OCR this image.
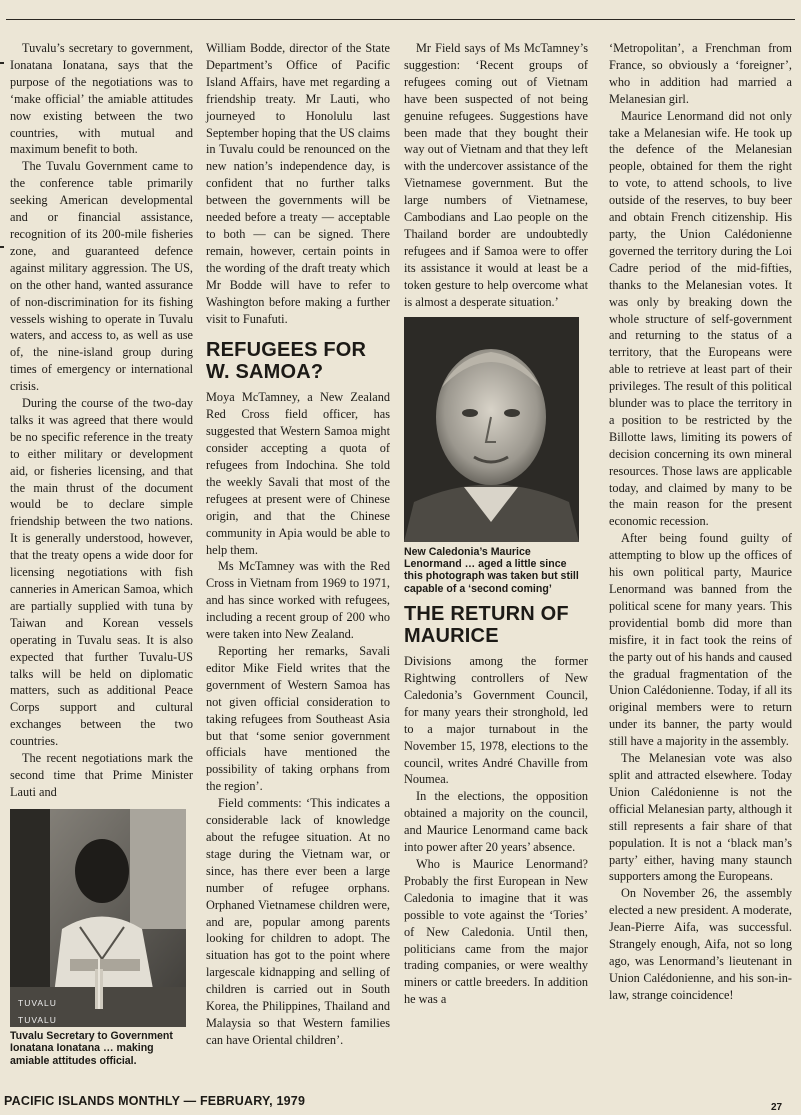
Tuvalu’s secretary to government, Ionatana Ionatana, says that the purpose of the negotiations was to ‘make official’ the amiable attitudes now existing between the two countries, with mutual and maximum benefit to both.

The Tuvalu Government came to the conference table primarily seeking American developmental and or financial assistance, recognition of its 200-mile fisheries zone, and guaranteed defence against military aggression. The US, on the other hand, wanted assurance of non-discrimination for its fishing vessels wishing to operate in Tuvalu waters, and access to, as well as use of, the nine-island group during times of emergency or international crisis.

During the course of the two-day talks it was agreed that there would be no specific reference in the treaty to either military or development aid, or fisheries licensing, and that the main thrust of the document would be to declare simple friendship between the two nations. It is generally understood, however, that the treaty opens a wide door for licensing negotiations with fish canneries in American Samoa, which are partially supplied with tuna by Taiwan and Korean vessels operating in Tuvalu seas. It is also expected that further Tuvalu-US talks will be held on diplomatic matters, such as additional Peace Corps support and cultural exchanges between the two countries.

The recent negotiations mark the second time that Prime Minister Lauti and

TUVALU
TUVALU
Tuvalu Secretary to Government Ionatana Ionatana … making amiable attitudes official.

William Bodde, director of the State Department’s Office of Pacific Island Affairs, have met regarding a friendship treaty. Mr Lauti, who journeyed to Honolulu last September hoping that the US claims in Tuvalu could be renounced on the new nation’s independence day, is confident that no further talks between the governments will be needed before a treaty — acceptable to both — can be signed. There remain, however, certain points in the wording of the draft treaty which Mr Bodde will have to refer to Washington before making a further visit to Funafuti.

REFUGEES FOR W. SAMOA?

Moya McTamney, a New Zealand Red Cross field officer, has suggested that Western Samoa might consider accepting a quota of refugees from Indochina. She told the weekly Savali that most of the refugees at present were of Chinese origin, and that the Chinese community in Apia would be able to help them.

Ms McTamney was with the Red Cross in Vietnam from 1969 to 1971, and has since worked with refugees, including a recent group of 200 who were taken into New Zealand.

Reporting her remarks, Savali editor Mike Field writes that the government of Western Samoa has not given official consideration to taking refugees from Southeast Asia but that ‘some senior government officials have mentioned the possibility of taking orphans from the region’.

Field comments: ‘This indicates a considerable lack of knowledge about the refugee situation. At no stage during the Vietnam war, or since, has there ever been a large number of refugee orphans. Orphaned Vietnamese children were, and are, popular among parents looking for children to adopt. The situation has got to the point where largescale kidnapping and selling of children is carried out in South Korea, the Philippines, Thailand and Malaysia so that Western families can have Oriental children’.

Mr Field says of Ms McTamney’s suggestion: ‘Recent groups of refugees coming out of Vietnam have been suspected of not being genuine refugees. Suggestions have been made that they bought their way out of Vietnam and that they left with the undercover assistance of the Vietnamese government. But the large numbers of Vietnamese, Cambodians and Lao people on the Thailand border are undoubtedly refugees and if Samoa were to offer its assistance it would at least be a token gesture to help overcome what is almost a desperate situation.’

New Caledonia’s Maurice Lenormand … aged a little since this photograph was taken but still capable of a ‘second coming’
THE RETURN OF MAURICE

Divisions among the former Rightwing controllers of New Caledonia’s Government Council, for many years their stronghold, led to a major turnabout in the November 15, 1978, elections to the council, writes André Chaville from Noumea.

In the elections, the opposition obtained a majority on the council, and Maurice Lenormand came back into power after 20 years’ absence.

Who is Maurice Lenormand? Probably the first European in New Caledonia to imagine that it was possible to vote against the ‘Tories’ of New Caledonia. Until then, politicians came from the major trading companies, or were wealthy miners or cattle breeders. In addition he was a

‘Metropolitan’, a Frenchman from France, so obviously a ‘foreigner’, who in addition had married a Melanesian girl.

Maurice Lenormand did not only take a Melanesian wife. He took up the defence of the Melanesian people, obtained for them the right to vote, to attend schools, to live outside of the reserves, to buy beer and obtain French citizenship. His party, the Union Calédonienne governed the territory during the Loi Cadre period of the mid-fifties, thanks to the Melanesian votes. It was only by breaking down the whole structure of self-government and returning to the status of a territory, that the Europeans were able to retrieve at least part of their privileges. The result of this political blunder was to place the territory in a position to be restricted by the Billotte laws, limiting its powers of decision concerning its own mineral resources. Those laws are applicable today, and claimed by many to be the main reason for the present economic recession.

After being found guilty of attempting to blow up the offices of his own political party, Maurice Lenormand was banned from the political scene for many years. This providential bomb did more than misfire, it in fact took the reins of the party out of his hands and caused the gradual fragmentation of the Union Calédonienne. Today, if all its original members were to return under its banner, the party would still have a majority in the assembly.

The Melanesian vote was also split and attracted elsewhere. Today Union Calédonienne is not the official Melanesian party, although it still represents a fair share of that population. It is not a ‘black man’s party’ either, having many staunch supporters among the Europeans.

On November 26, the assembly elected a new president. A moderate, Jean-Pierre Aifa, was successful. Strangely enough, Aifa, not so long ago, was Lenormand’s lieutenant in Union Calédonienne, and his son-in-law, strange coincidence!

PACIFIC ISLANDS MONTHLY — FEBRUARY, 1979	27
